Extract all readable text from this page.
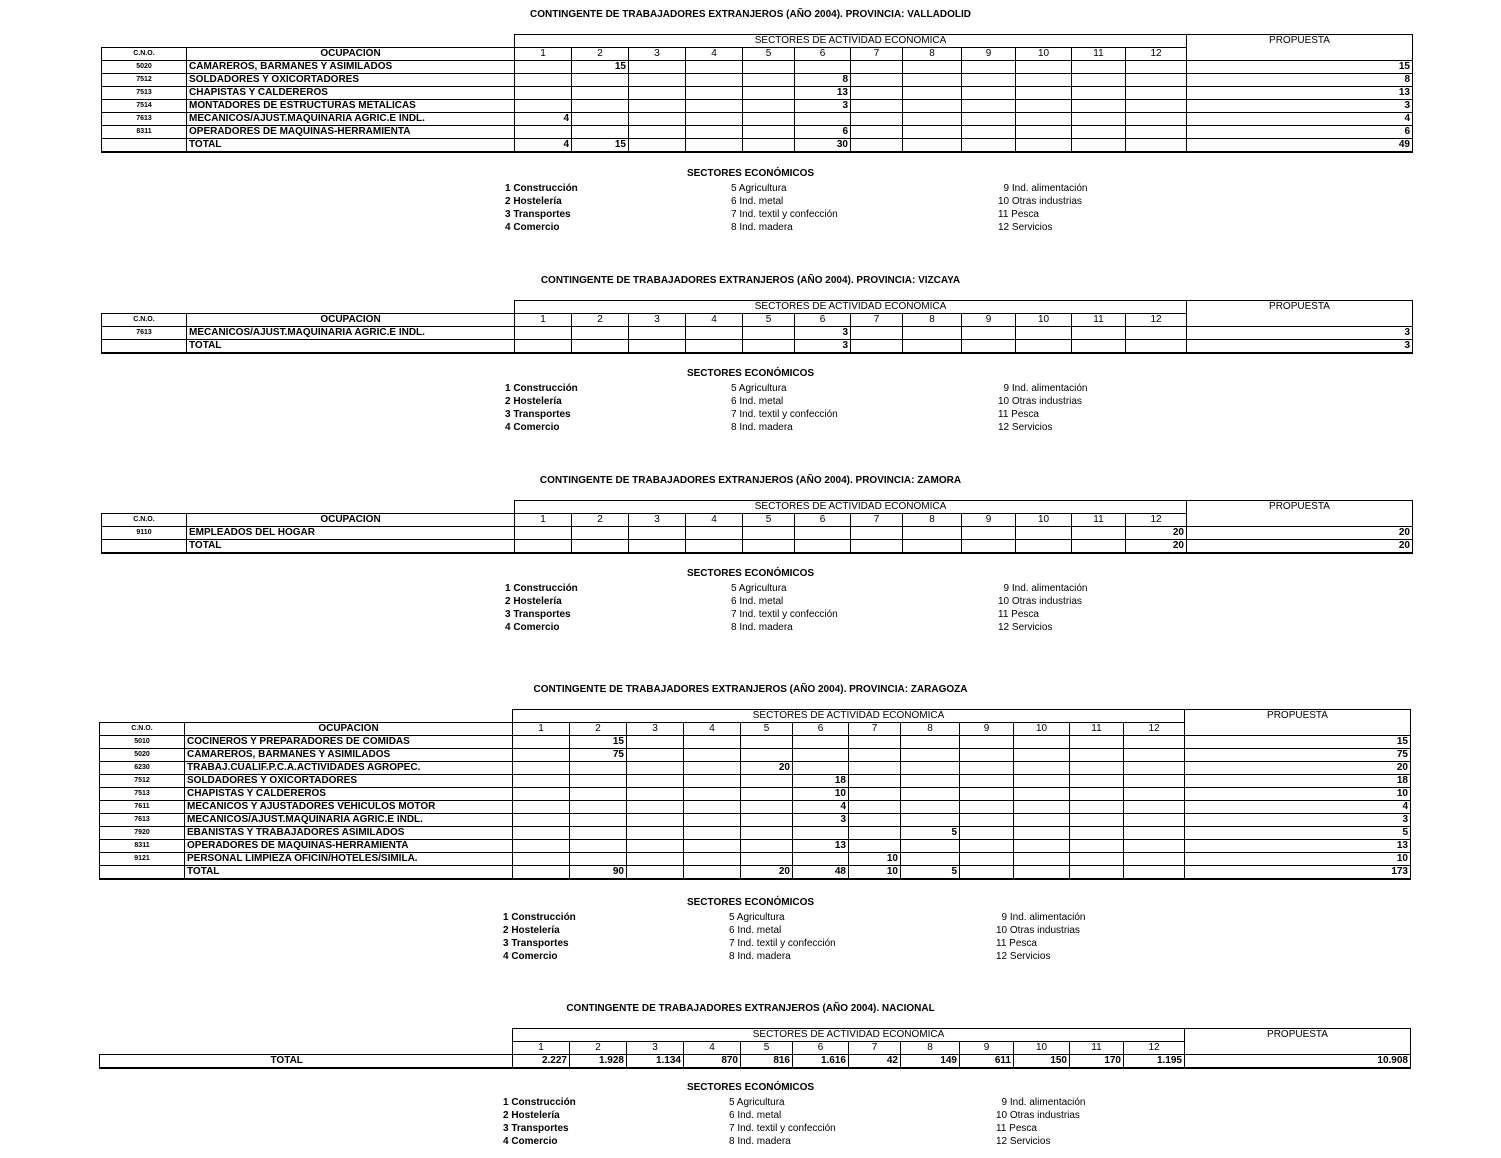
CONTINGENTE DE TRABAJADORES EXTRANJEROS (AÑO 2004). PROVINCIA: VALLADOLID
		SECTORES DE ACTIVIDAD ECONÓMICA												PROPUESTA
C.N.O.	OCUPACIÓN	1	2	3	4	5	6	7	8	9	10	11	12	
5020	CAMAREROS, BARMANES Y ASIMILADOS		15											15
7512	SOLDADORES Y OXICORTADORES						8							8
7513	CHAPISTAS Y CALDEREROS						13							13
7514	MONTADORES DE ESTRUCTURAS METALICAS						3							3
7613	MECANICOS/AJUST.MAQUINARIA AGRIC.E INDL.	4												4
8311	OPERADORES DE MAQUINAS-HERRAMIENTA						6							6
	TOTAL	4	15				30							49
SECTORES ECONÓMICOS
1 Construcción
2 Hostelería
3 Transportes
4 Comercio
5 Agricultura
6 Ind. metal
7 Ind. textil y confección
8 Ind. madera
9 Ind. alimentación
10 Otras industrias
11 Pesca
12 Servicios
CONTINGENTE DE TRABAJADORES EXTRANJEROS (AÑO 2004). PROVINCIA: VIZCAYA
		SECTORES DE ACTIVIDAD ECONÓMICA												PROPUESTA
C.N.O.	OCUPACIÓN	1	2	3	4	5	6	7	8	9	10	11	12	
7613	MECANICOS/AJUST.MAQUINARIA AGRIC.E INDL.						3							3
	TOTAL						3							3
SECTORES ECONÓMICOS
1 Construcción
2 Hostelería
3 Transportes
4 Comercio
5 Agricultura
6 Ind. metal
7 Ind. textil y confección
8 Ind. madera
9 Ind. alimentación
10 Otras industrias
11 Pesca
12 Servicios
CONTINGENTE DE TRABAJADORES EXTRANJEROS (AÑO 2004). PROVINCIA: ZAMORA
		SECTORES DE ACTIVIDAD ECONÓMICA												PROPUESTA
C.N.O.	OCUPACIÓN	1	2	3	4	5	6	7	8	9	10	11	12	
9110	EMPLEADOS DEL HOGAR												20	20
	TOTAL												20	20
SECTORES ECONÓMICOS
1 Construcción
2 Hostelería
3 Transportes
4 Comercio
5 Agricultura
6 Ind. metal
7 Ind. textil y confección
8 Ind. madera
9 Ind. alimentación
10 Otras industrias
11 Pesca
12 Servicios
CONTINGENTE DE TRABAJADORES EXTRANJEROS (AÑO 2004). PROVINCIA: ZARAGOZA
		SECTORES DE ACTIVIDAD ECONÓMICA												PROPUESTA
C.N.O.	OCUPACIÓN	1	2	3	4	5	6	7	8	9	10	11	12	
5010	COCINEROS Y PREPARADORES DE COMIDAS		15											15
5020	CAMAREROS, BARMANES Y ASIMILADOS		75											75
6230	TRABAJ.CUALIF.P.C.A.ACTIVIDADES AGROPEC.					20								20
7512	SOLDADORES Y OXICORTADORES						18							18
7513	CHAPISTAS Y CALDEREROS						10							10
7611	MECANICOS Y AJUSTADORES VEHICULOS MOTOR						4							4
7613	MECANICOS/AJUST.MAQUINARIA AGRIC.E INDL.						3							3
7920	EBANISTAS Y TRABAJADORES ASIMILADOS								5					5
8311	OPERADORES DE MAQUINAS-HERRAMIENTA						13							13
9121	PERSONAL LIMPIEZA OFICIN/HOTELES/SIMILA.							10						10
	TOTAL		90			20	48	10	5					173
SECTORES ECONÓMICOS
1 Construcción
2 Hostelería
3 Transportes
4 Comercio
5 Agricultura
6 Ind. metal
7 Ind. textil y confección
8 Ind. madera
9 Ind. alimentación
10 Otras industrias
11 Pesca
12 Servicios
CONTINGENTE DE TRABAJADORES EXTRANJEROS (AÑO 2004). NACIONAL
		SECTORES DE ACTIVIDAD ECONÓMICA												PROPUESTA
		1	2	3	4	5	6	7	8	9	10	11	12	
	TOTAL	2.227	1.928	1.134	870	816	1.616	42	149	611	150	170	1.195	10.908
SECTORES ECONÓMICOS
1 Construcción
2 Hostelería
3 Transportes
4 Comercio
5 Agricultura
6 Ind. metal
7 Ind. textil y confección
8 Ind. madera
9 Ind. alimentación
10 Otras industrias
11 Pesca
12 Servicios
